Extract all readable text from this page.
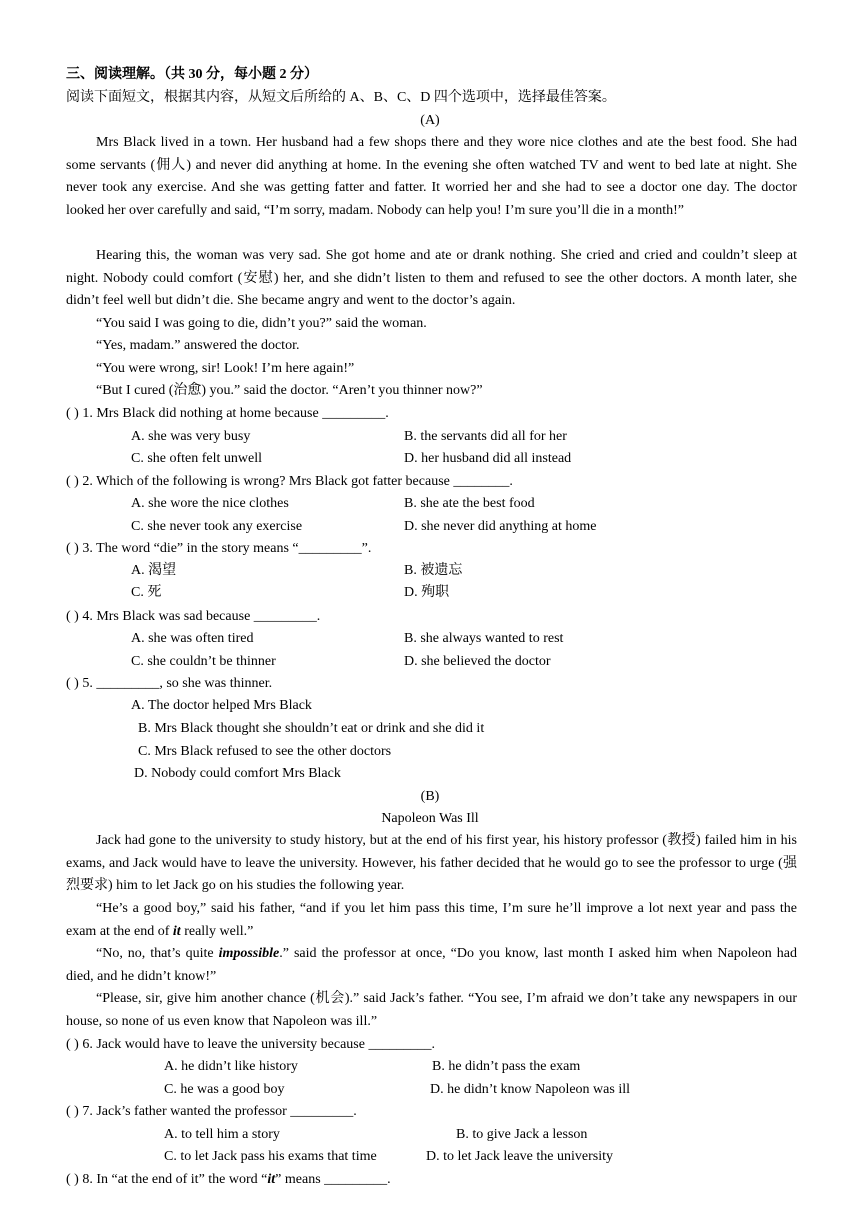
三、阅读理解。（共 30 分，每小题 2 分）
阅读下面短文，根据其内容，从短文后所给的 A、B、C、D 四个选项中，选择最佳答案。
(A)

Mrs Black lived in a town. Her husband had a few shops there and they wore nice clothes and ate the best food. She had some servants (佣人) and never did anything at home. In the evening she often watched TV and went to bed late at night. She never took any exercise. And she was getting fatter and fatter. It worried her and she had to see a doctor one day. The doctor looked her over carefully and said, “I’m sorry, madam. Nobody can help you! I’m sure you’ll die in a month!”

Hearing this, the woman was very sad. She got home and ate or drank nothing. She cried and cried and couldn’t sleep at night. Nobody could comfort (安慰) her, and she didn’t listen to them and refused to see the other doctors. A month later, she didn’t feel well but didn’t die. She became angry and went to the doctor’s again.

“You said I was going to die, didn’t you?” said the woman.
“Yes, madam.” answered the doctor.
“You were wrong, sir! Look! I’m here again!”
“But I cured (治愈) you.” said the doctor. “Aren’t you thinner now?”
( ) 1. Mrs Black did nothing at home because _________.
A. she was very busy	B. the servants did all for her
C. she often felt unwell	D. her husband did all instead
( ) 2. Which of the following is wrong? Mrs Black got fatter because ________.
A. she wore the nice clothes	B. she ate the best food
C. she never took any exercise	D. she never did anything at home
( ) 3. The word “die” in the story means “_________”.
A. 渴望	B. 被遗忘
C. 死	D. 殉职
( ) 4. Mrs Black was sad because _________.
A. she was often tired	B. she always wanted to rest
C. she couldn’t be thinner	D. she believed the doctor
( ) 5. _________, so she was thinner.
A. The doctor helped Mrs Black
B. Mrs Black thought she shouldn’t eat or drink and she did it
C. Mrs Black refused to see the other doctors
D. Nobody could comfort Mrs Black
(B)
Napoleon Was Ill

Jack had gone to the university to study history, but at the end of his first year, his history professor (教授) failed him in his exams, and Jack would have to leave the university. However, his father decided that he would go to see the professor to urge (强烈要求) him to let Jack go on his studies the following year.

“He’s a good boy,” said his father, “and if you let him pass this time, I’m sure he’ll improve a lot next year and pass the exam at the end of it really well.”

“No, no, that’s quite impossible.” said the professor at once, “Do you know, last month I asked him when Napoleon had died, and he didn’t know!”

“Please, sir, give him another chance (机会).” said Jack’s father. “You see, I’m afraid we don’t take any newspapers in our house, so none of us even know that Napoleon was ill.”

( ) 6. Jack would have to leave the university because _________.
A. he didn’t like history	B. he didn’t pass the exam
C. he was a good boy	D. he didn’t know Napoleon was ill
( ) 7. Jack’s father wanted the professor _________.
A. to tell him a story	B. to give Jack a lesson
C. to let Jack pass his exams that time	D. to let Jack leave the university
( ) 8. In “at the end of it” the word “it” means _________.
